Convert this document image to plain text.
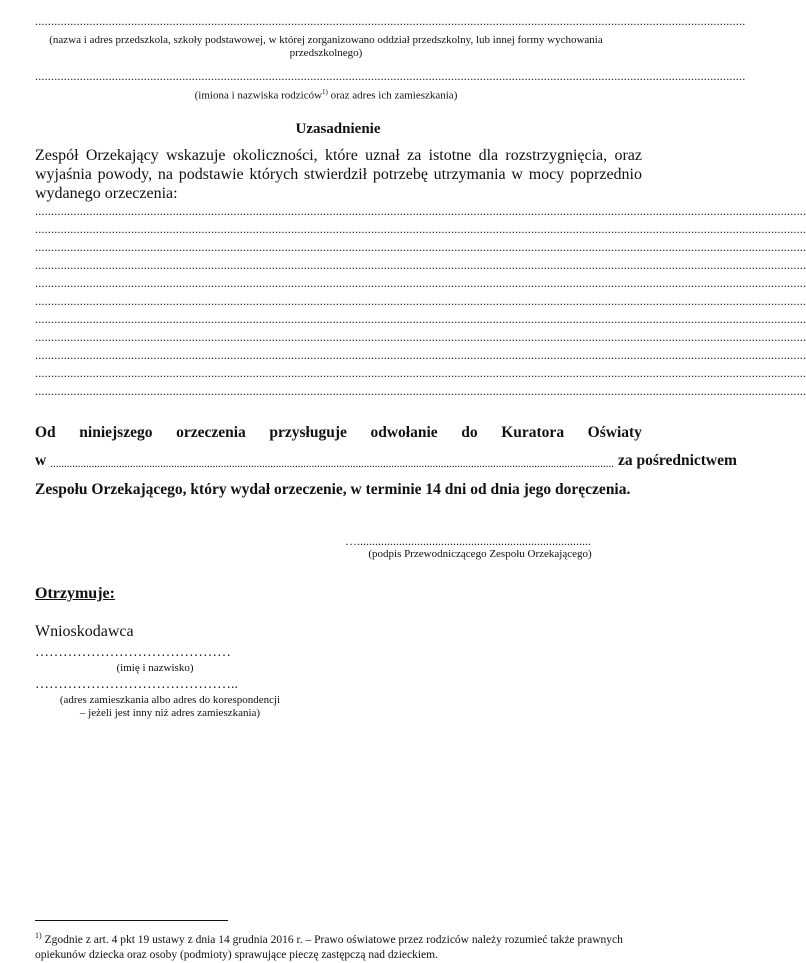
..............................................................................................................................................................................................................................
(nazwa i adres przedszkola, szkoły podstawowej, w której zorganizowano oddział przedszkolny, lub innej formy wychowania przedszkolnego)
..............................................................................................................................................................................................................................
(imiona i nazwiska rodziców$^{1)}$ oraz adres ich zamieszkania)
Uzasadnienie
Zespół Orzekający wskazuje okoliczności, które uznał za istotne dla rozstrzygnięcia, oraz wyjaśnia powody, na podstawie których stwierdził potrzebę utrzymania w mocy poprzednio wydanego orzeczenia:
.................................................................................................................................................................................................................................................
.................................................................................................................................................................................................................................................
.................................................................................................................................................................................................................................................
.................................................................................................................................................................................................................................................
.................................................................................................................................................................................................................................................
.................................................................................................................................................................................................................................................
.................................................................................................................................................................................................................................................
.................................................................................................................................................................................................................................................
.................................................................................................................................................................................................................................................
.................................................................................................................................................................................................................................................
.................................................................................................................................................................................................................................................
Od niniejszego orzeczenia przysługuje odwołanie do Kuratora Oświaty
w ............................................................................................................................................................................................................. za pośrednictwem
Zespołu Orzekającego, który wydał orzeczenie, w terminie 14 dni od dnia jego doręczenia.
…..............................................................................
(podpis Przewodniczącego Zespołu Orzekającego)
Otrzymuje:
Wnioskodawca
……………………………………
(imię i nazwisko)
……………………………………..
(adres zamieszkania albo adres do korespondencji
– jeżeli jest inny niż adres zamieszkania)
$^{1)}$ Zgodnie z art. 4 pkt 19 ustawy z dnia 14 grudnia 2016 r. – Prawo oświatowe przez rodziców należy rozumieć także prawnych opiekunów dziecka oraz osoby (podmioty) sprawujące pieczę zastępczą nad dzieckiem.
